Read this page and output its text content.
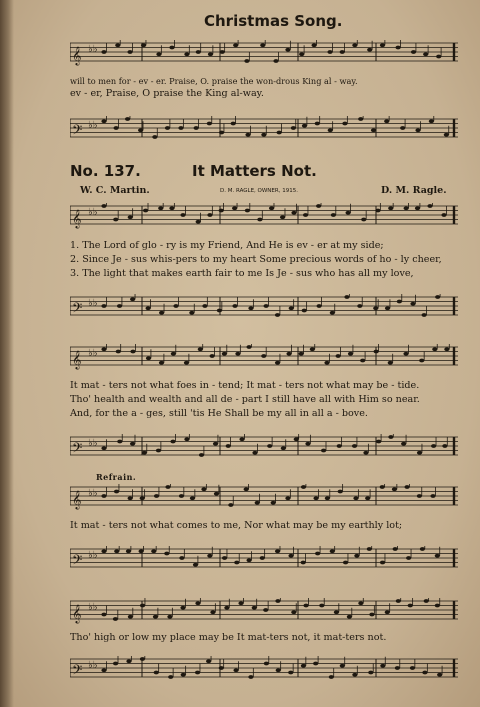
Christmas Song.
𝄞 ♭♭
will to men for - ev - er. Praise, O. praise the won-drous King al - way.
ev - er, Praise, O praise the King al-way.
𝄢 ♭♭
No. 137.	It Matters Not.
W. C. Martin.	D. M. RAGLE, OWNER, 1915.	D. M. Ragle.
𝄞 ♭♭
1. The Lord of glo - ry is my Friend, And He is ev - er at my side;
2. Since Je - sus whis-pers to my heart Some precious words of ho - ly cheer,
3. The light that makes earth fair to me Is Je - sus who has all my love,
𝄢 ♭♭
𝄞 ♭♭
It mat - ters not what foes in - tend; It mat - ters not what may be - tide.
Tho' health and wealth and all de - part I still have all with Him so near.
And, for the a - ges, still 'tis He Shall be my all in all a - bove.
𝄢 ♭♭
Refrain.
𝄞 ♭♭
It mat - ters not what comes to me, Nor what may be my earthly lot;
𝄢 ♭♭
𝄞 ♭♭
Tho' high or low my place may be It mat-ters not, it mat-ters not.
𝄢 ♭♭
